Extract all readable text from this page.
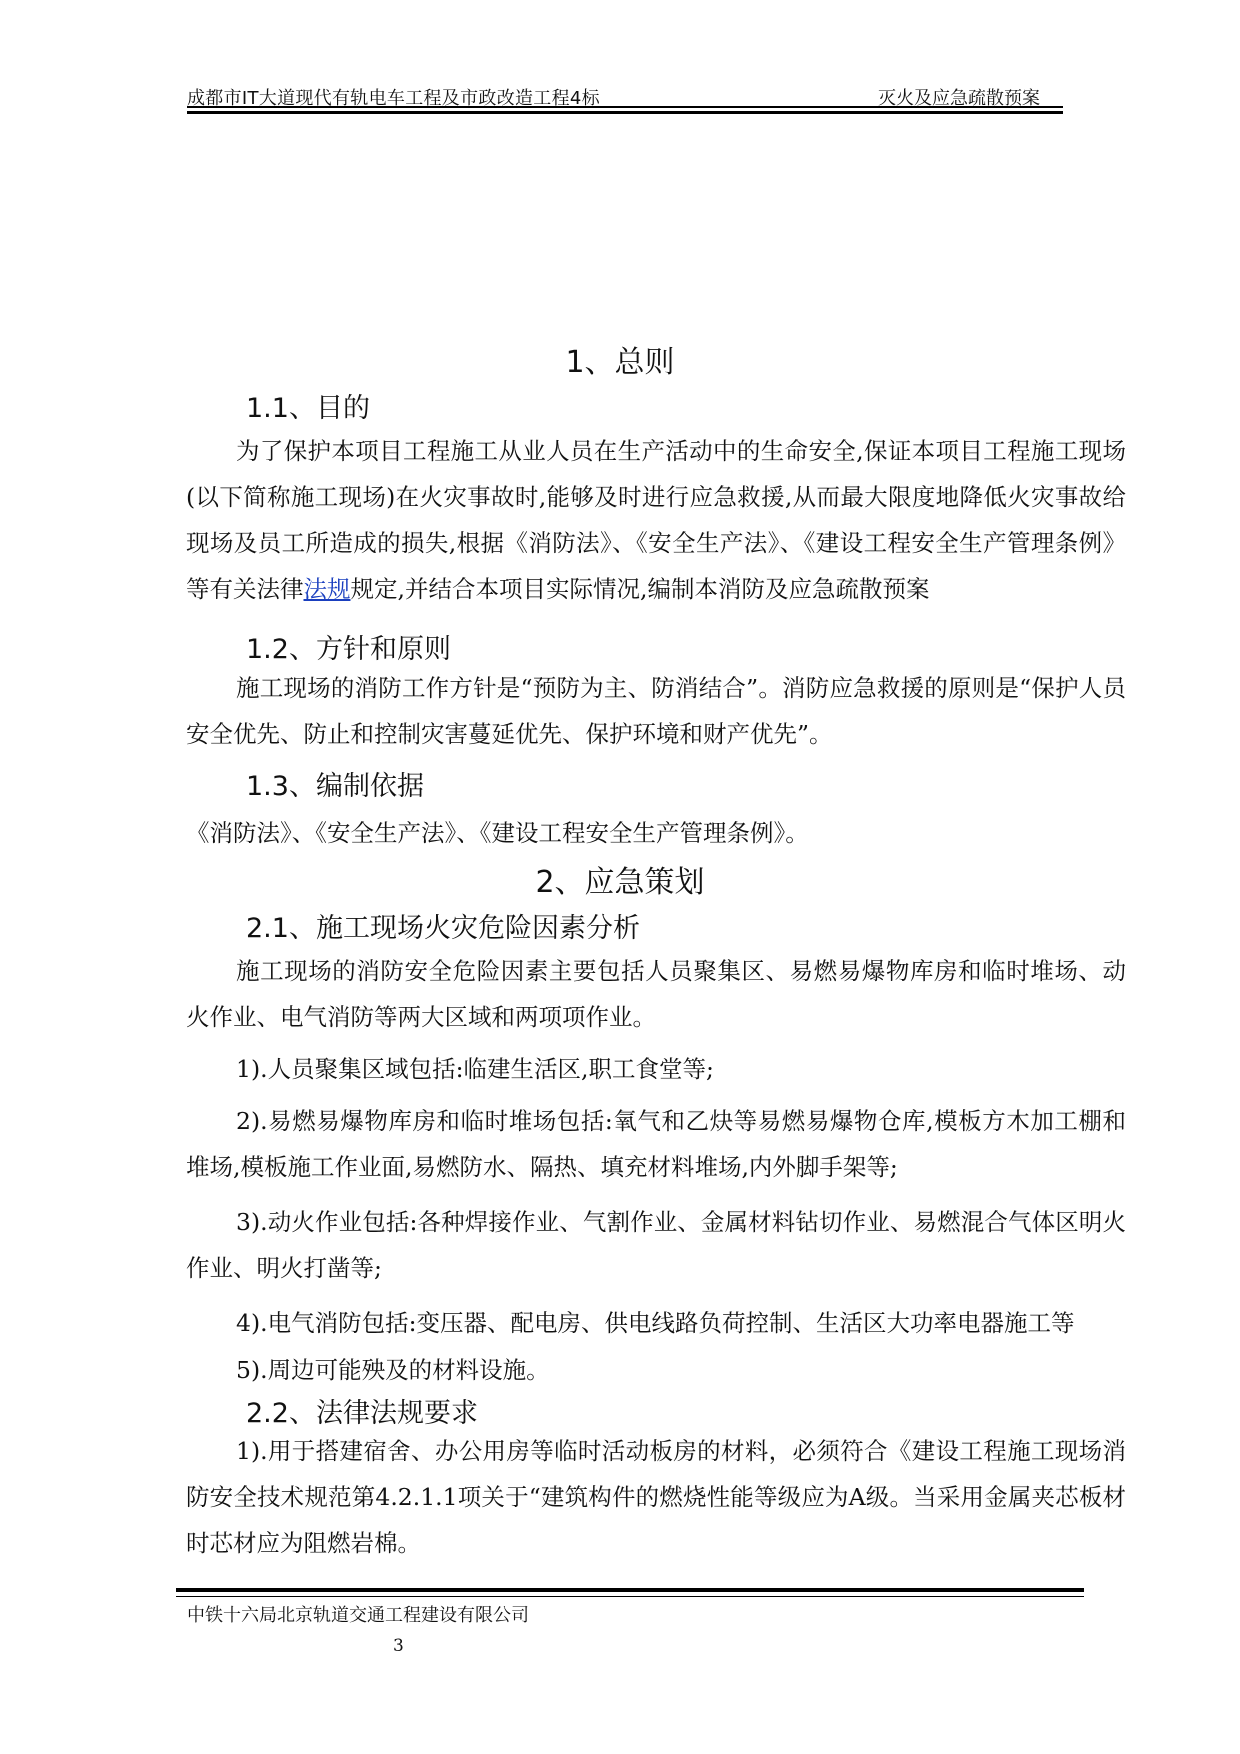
成都市IT大道现代有轨电车工程及市政改造工程4标	灭火及应急疏散预案
1、总则
1.1、目的

为了保护本项目工程施工从业人员在生产活动中的生命安全,保证本项目工程施工现场(以下简称施工现场)在火灾事故时,能够及时进行应急救援,从而最大限度地降低火灾事故给现场及员工所造成的损失,根据《消防法》、《安全生产法》、《建设工程安全生产管理条例》等有关法律法规规定,并结合本项目实际情况,编制本消防及应急疏散预案

1.2、方针和原则

施工现场的消防工作方针是“预防为主、防消结合”。消防应急救援的原则是“保护人员安全优先、防止和控制灾害蔓延优先、保护环境和财产优先”。

1.3、编制依据
《消防法》、《安全生产法》、《建设工程安全生产管理条例》。
2、应急策划
2.1、施工现场火灾危险因素分析

施工现场的消防安全危险因素主要包括人员聚集区、易燃易爆物库房和临时堆场、动火作业、电气消防等两大区域和两项项作业。

1).人员聚集区域包括:临建生活区,职工食堂等;

2).易燃易爆物库房和临时堆场包括:氧气和乙炔等易燃易爆物仓库,模板方木加工棚和堆场,模板施工作业面,易燃防水、隔热、填充材料堆场,内外脚手架等;

3).动火作业包括:各种焊接作业、气割作业、金属材料钻切作业、易燃混合气体区明火作业、明火打凿等;

4).电气消防包括:变压器、配电房、供电线路负荷控制、生活区大功率电器施工等

5).周边可能殃及的材料设施。

2.2、法律法规要求

1).用于搭建宿舍、办公用房等临时活动板房的材料，必须符合《建设工程施工现场消防安全技术规范第4.2.1.1项关于“建筑构件的燃烧性能等级应为A级。当采用金属夹芯板材时芯材应为阻燃岩棉。

中铁十六局北京轨道交通工程建设有限公司
3
